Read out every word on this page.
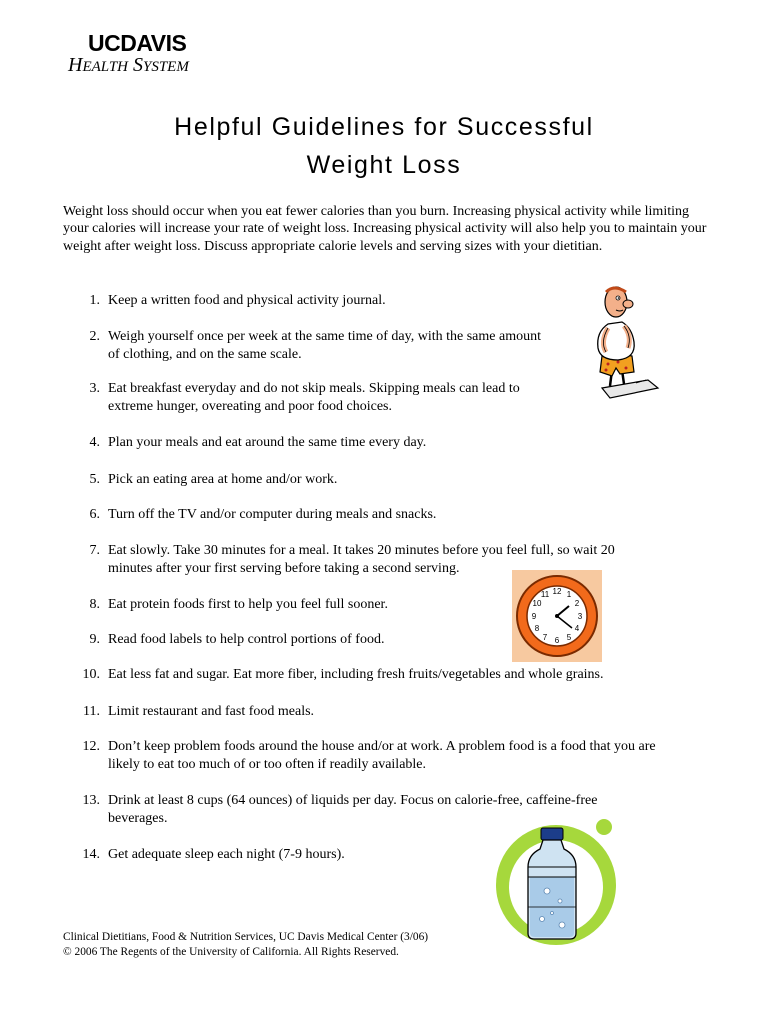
UCDAVIS
HEALTH SYSTEM
Helpful Guidelines for Successful
Weight Loss
Weight loss should occur when you eat fewer calories than you burn. Increasing physical activity while limiting your calories will increase your rate of weight loss. Increasing physical activity will also help you to maintain your weight after weight loss. Discuss appropriate calorie levels and serving sizes with your dietitian.
1. Keep a written food and physical activity journal.
2. Weigh yourself once per week at the same time of day, with the same amount
of clothing, and on the same scale.
3. Eat breakfast everyday and do not skip meals. Skipping meals can lead to
extreme hunger, overeating and poor food choices.
4. Plan your meals and eat around the same time every day.
5. Pick an eating area at home and/or work.
6. Turn off the TV and/or computer during meals and snacks.
7. Eat slowly. Take 30 minutes for a meal. It takes 20 minutes before you feel full, so wait 20
minutes after your first serving before taking a second serving.
8. Eat protein foods first to help you feel full sooner.
9. Read food labels to help control portions of food.
10. Eat less fat and sugar. Eat more fiber, including fresh fruits/vegetables and whole grains.
11. Limit restaurant and fast food meals.
12. Don’t keep problem foods around the house and/or at work. A problem food is a food that you are
likely to eat too much of or too often if readily available.
13. Drink at least 8 cups (64 ounces) of liquids per day. Focus on calorie-free, caffeine-free
beverages.
14. Get adequate sleep each night (7-9 hours).
12 1
2
3
4
5
6
7
8
9
10
11
Clinical Dietitians, Food & Nutrition Services, UC Davis Medical Center (3/06)
© 2006 The Regents of the University of California. All Rights Reserved.
